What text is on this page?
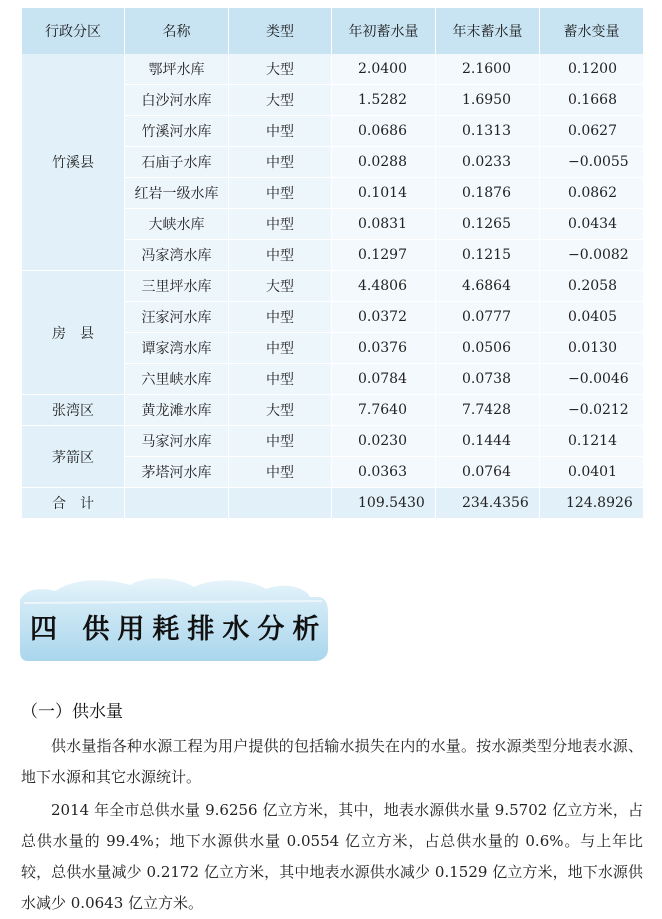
行政分区	名称	类型	年初蓄水量	年末蓄水量	蓄水变量
竹溪县	鄂坪水库	大型	2.0400	2.1600	0.1200
	白沙河水库	大型	1.5282	1.6950	0.1668
	竹溪河水库	中型	0.0686	0.1313	0.0627
	石庙子水库	中型	0.0288	0.0233	−0.0055
	红岩一级水库	中型	0.1014	0.1876	0.0862
	大峡水库	中型	0.0831	0.1265	0.0434
	冯家湾水库	中型	0.1297	0.1215	−0.0082
房　县	三里坪水库	大型	4.4806	4.6864	0.2058
	汪家河水库	中型	0.0372	0.0777	0.0405
	谭家湾水库	中型	0.0376	0.0506	0.0130
	六里峡水库	中型	0.0784	0.0738	−0.0046
张湾区	黄龙滩水库	大型	7.7640	7.7428	−0.0212
茅箭区	马家河水库	中型	0.0230	0.1444	0.1214
	茅塔河水库	中型	0.0363	0.0764	0.0401
合　计			109.5430	234.4356	124.8926
四 供用耗排水分析
（一）供水量
供水量指各种水源工程为用户提供的包括输水损失在内的水量。按水源类型分地表水源、地下水源和其它水源统计。
2014 年全市总供水量 9.6256 亿立方米，其中，地表水源供水量 9.5702 亿立方米，占总供水量的 99.4%；地下水源供水量 0.0554 亿立方米，占总供水量的 0.6%。与上年比较，总供水量减少 0.2172 亿立方米，其中地表水源供水减少 0.1529 亿立方米，地下水源供水减少 0.0643 亿立方米。
